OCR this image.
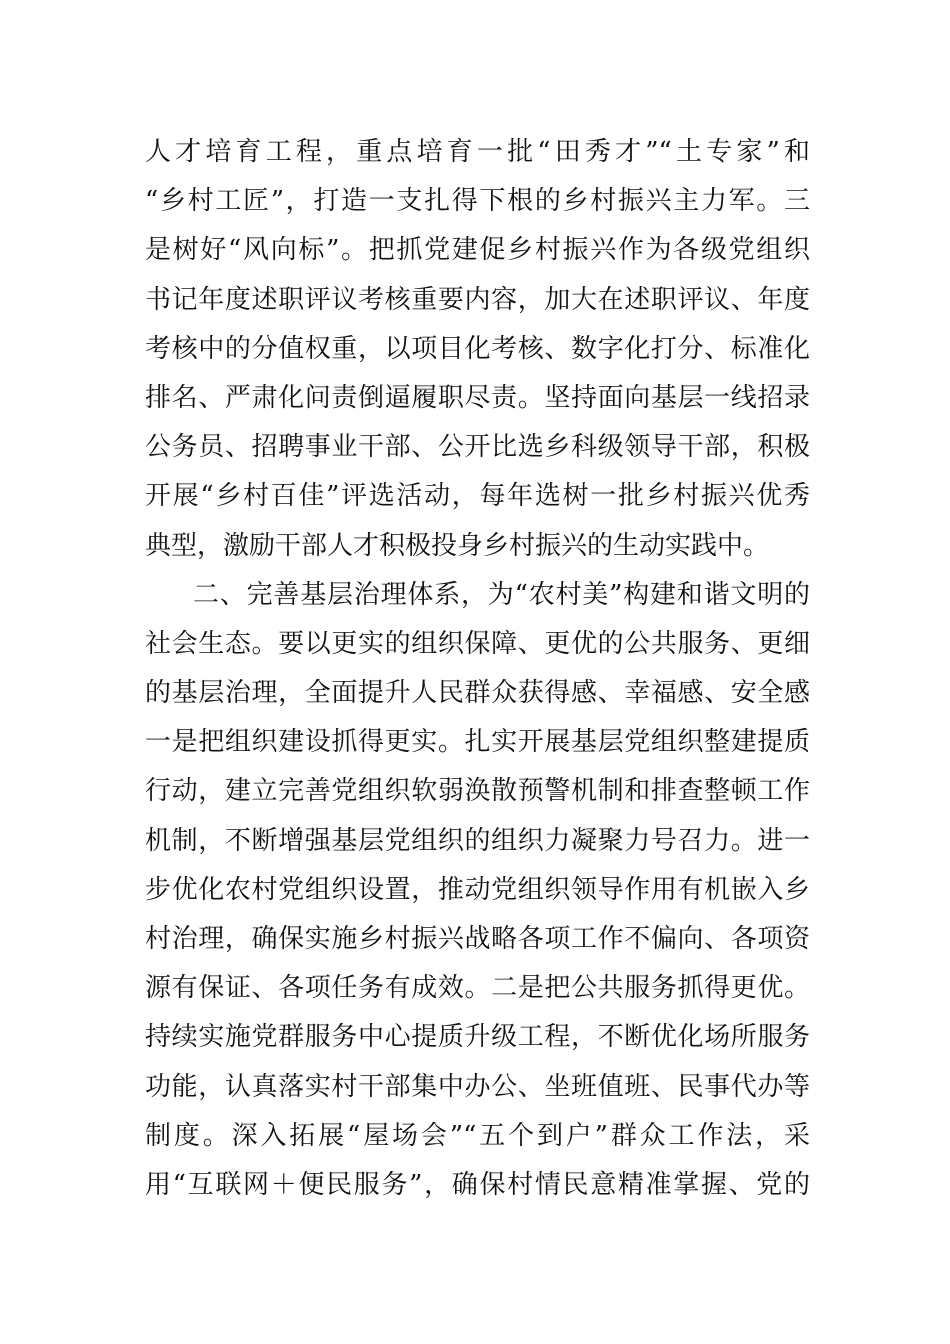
人才培育工程，重点培育一批“田秀才”“土专家”和
“乡村工匠”，打造一支扎得下根的乡村振兴主力军。三
是树好“风向标”。把抓党建促乡村振兴作为各级党组织
书记年度述职评议考核重要内容，加大在述职评议、年度
考核中的分值权重，以项目化考核、数字化打分、标准化
排名、严肃化问责倒逼履职尽责。坚持面向基层一线招录
公务员、招聘事业干部、公开比选乡科级领导干部，积极
开展“乡村百佳”评选活动，每年选树一批乡村振兴优秀
典型，激励干部人才积极投身乡村振兴的生动实践中。
二、完善基层治理体系，为“农村美”构建和谐文明的
社会生态。要以更实的组织保障、更优的公共服务、更细
的基层治理，全面提升人民群众获得感、幸福感、安全感
一是把组织建设抓得更实。扎实开展基层党组织整建提质
行动，建立完善党组织软弱涣散预警机制和排查整顿工作
机制，不断增强基层党组织的组织力凝聚力号召力。进一
步优化农村党组织设置，推动党组织领导作用有机嵌入乡
村治理，确保实施乡村振兴战略各项工作不偏向、各项资
源有保证、各项任务有成效。二是把公共服务抓得更优。
持续实施党群服务中心提质升级工程，不断优化场所服务
功能，认真落实村干部集中办公、坐班值班、民事代办等
制度。深入拓展“屋场会”“五个到户”群众工作法，采
用“互联网＋便民服务”，确保村情民意精准掌握、党的
